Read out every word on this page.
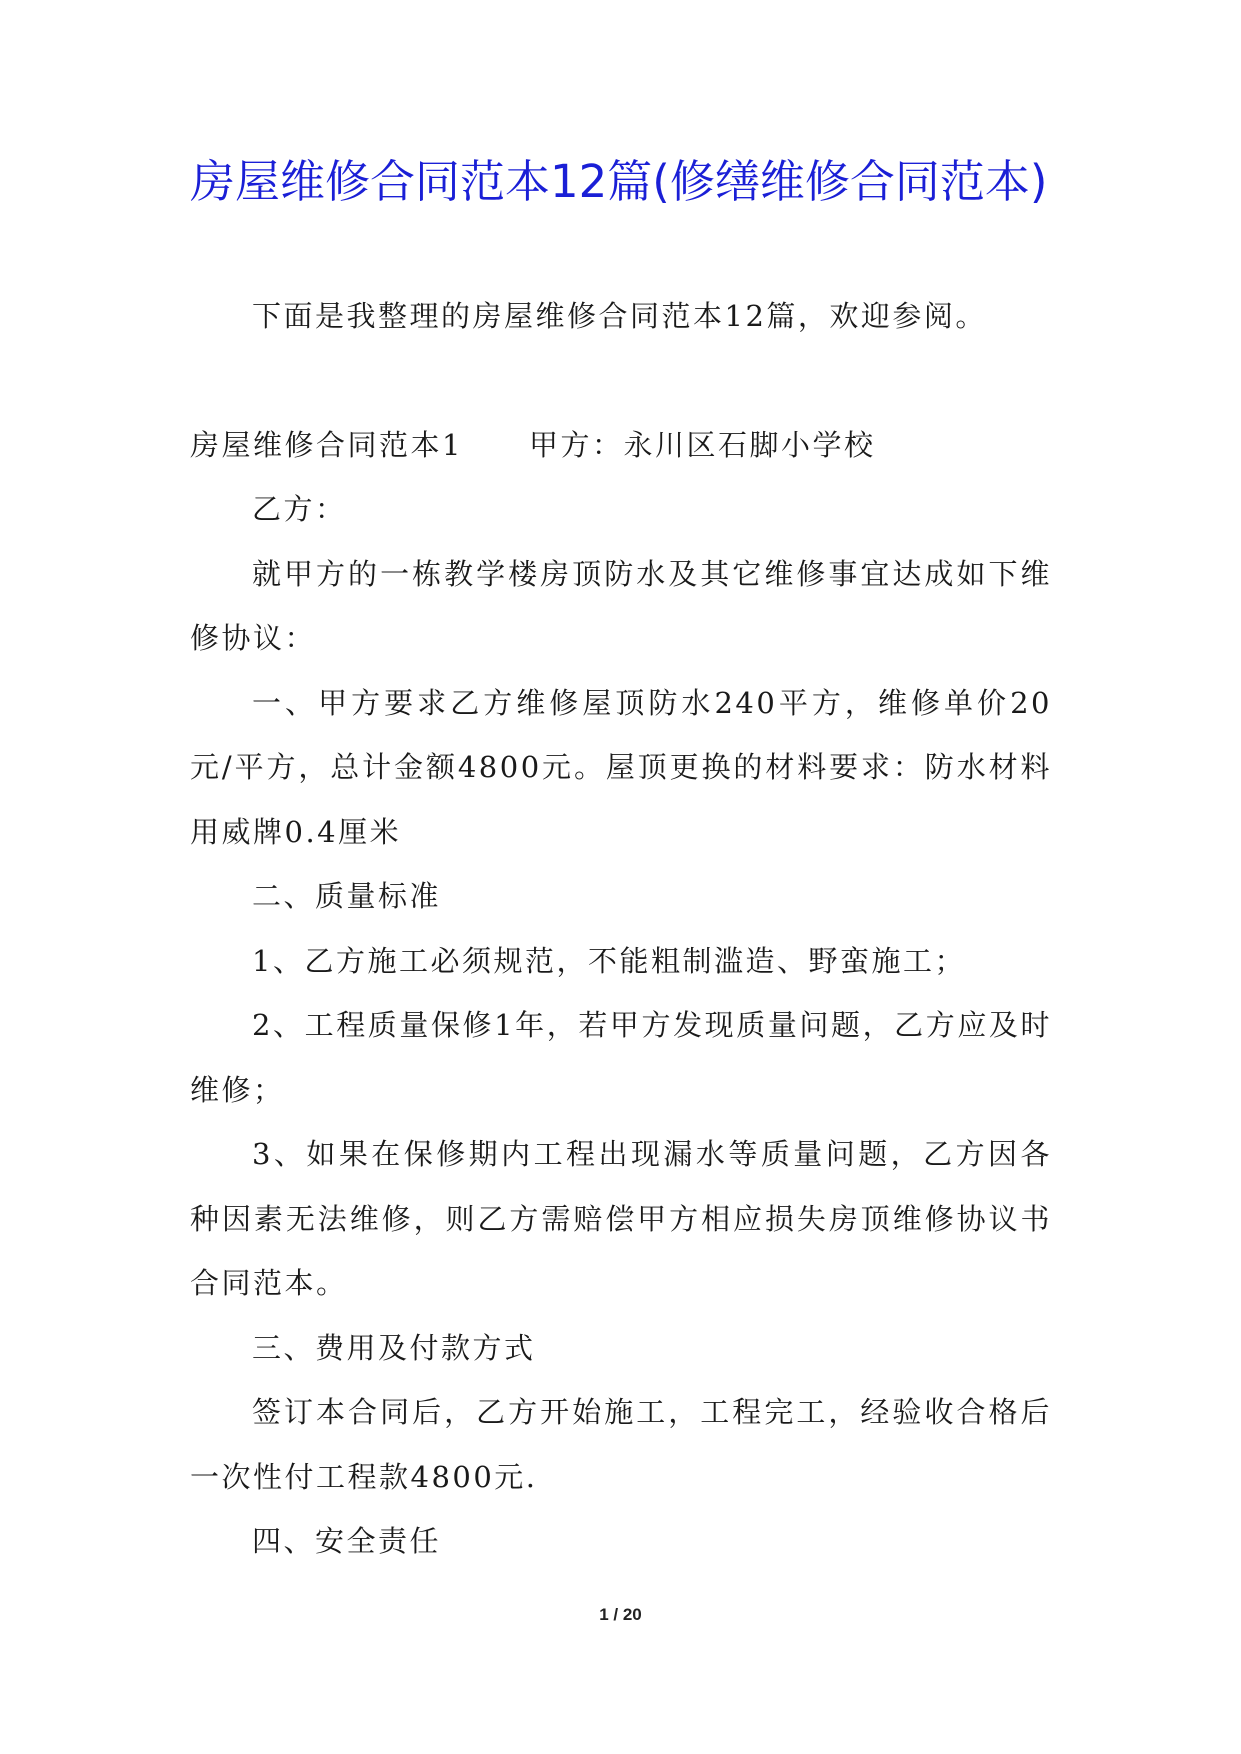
房屋维修合同范本12篇(修缮维修合同范本)

下面是我整理的房屋维修合同范本12篇，欢迎参阅。

房屋维修合同范本1 甲方：永川区石脚小学校

乙方：

就甲方的一栋教学楼房顶防水及其它维修事宜达成如下维修协议：

一、甲方要求乙方维修屋顶防水240平方，维修单价20元/平方，总计金额4800元。屋顶更换的材料要求：防水材料用威牌0.4厘米

二、质量标准

1、乙方施工必须规范，不能粗制滥造、野蛮施工；

2、工程质量保修1年，若甲方发现质量问题，乙方应及时维修；

3、如果在保修期内工程出现漏水等质量问题，乙方因各种因素无法维修，则乙方需赔偿甲方相应损失房顶维修协议书合同范本。

三、费用及付款方式

签订本合同后，乙方开始施工，工程完工，经验收合格后一次性付工程款4800元.

四、安全责任

1 / 20
